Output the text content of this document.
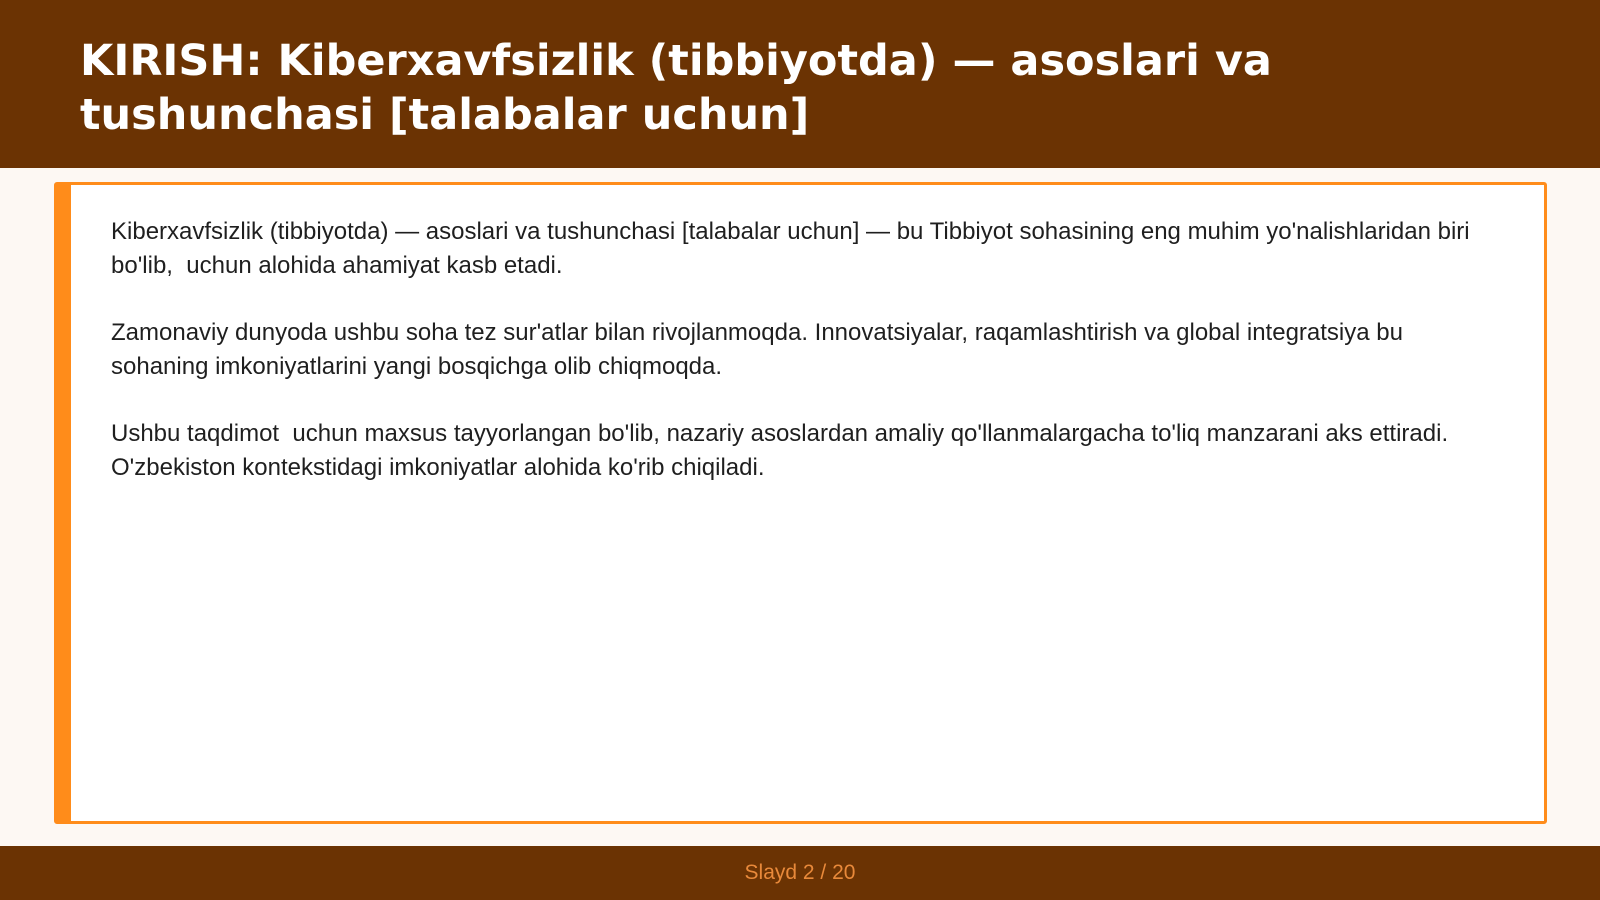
KIRISH: Kiberxavfsizlik (tibbiyotda) — asoslari va tushunchasi [talabalar uchun]

Kiberxavfsizlik (tibbiyotda) — asoslari va tushunchasi [talabalar uchun] — bu Tibbiyot sohasining eng muhim yo'nalishlaridan biri bo'lib,  uchun alohida ahamiyat kasb etadi.

Zamonaviy dunyoda ushbu soha tez sur'atlar bilan rivojlanmoqda. Innovatsiyalar, raqamlashtirish va global integratsiya bu sohaning imkoniyatlarini yangi bosqichga olib chiqmoqda.

Ushbu taqdimot  uchun maxsus tayyorlangan bo'lib, nazariy asoslardan amaliy qo'llanmalargacha to'liq manzarani aks ettiradi. O'zbekiston kontekstidagi imkoniyatlar alohida ko'rib chiqiladi.

Slayd 2 / 20
